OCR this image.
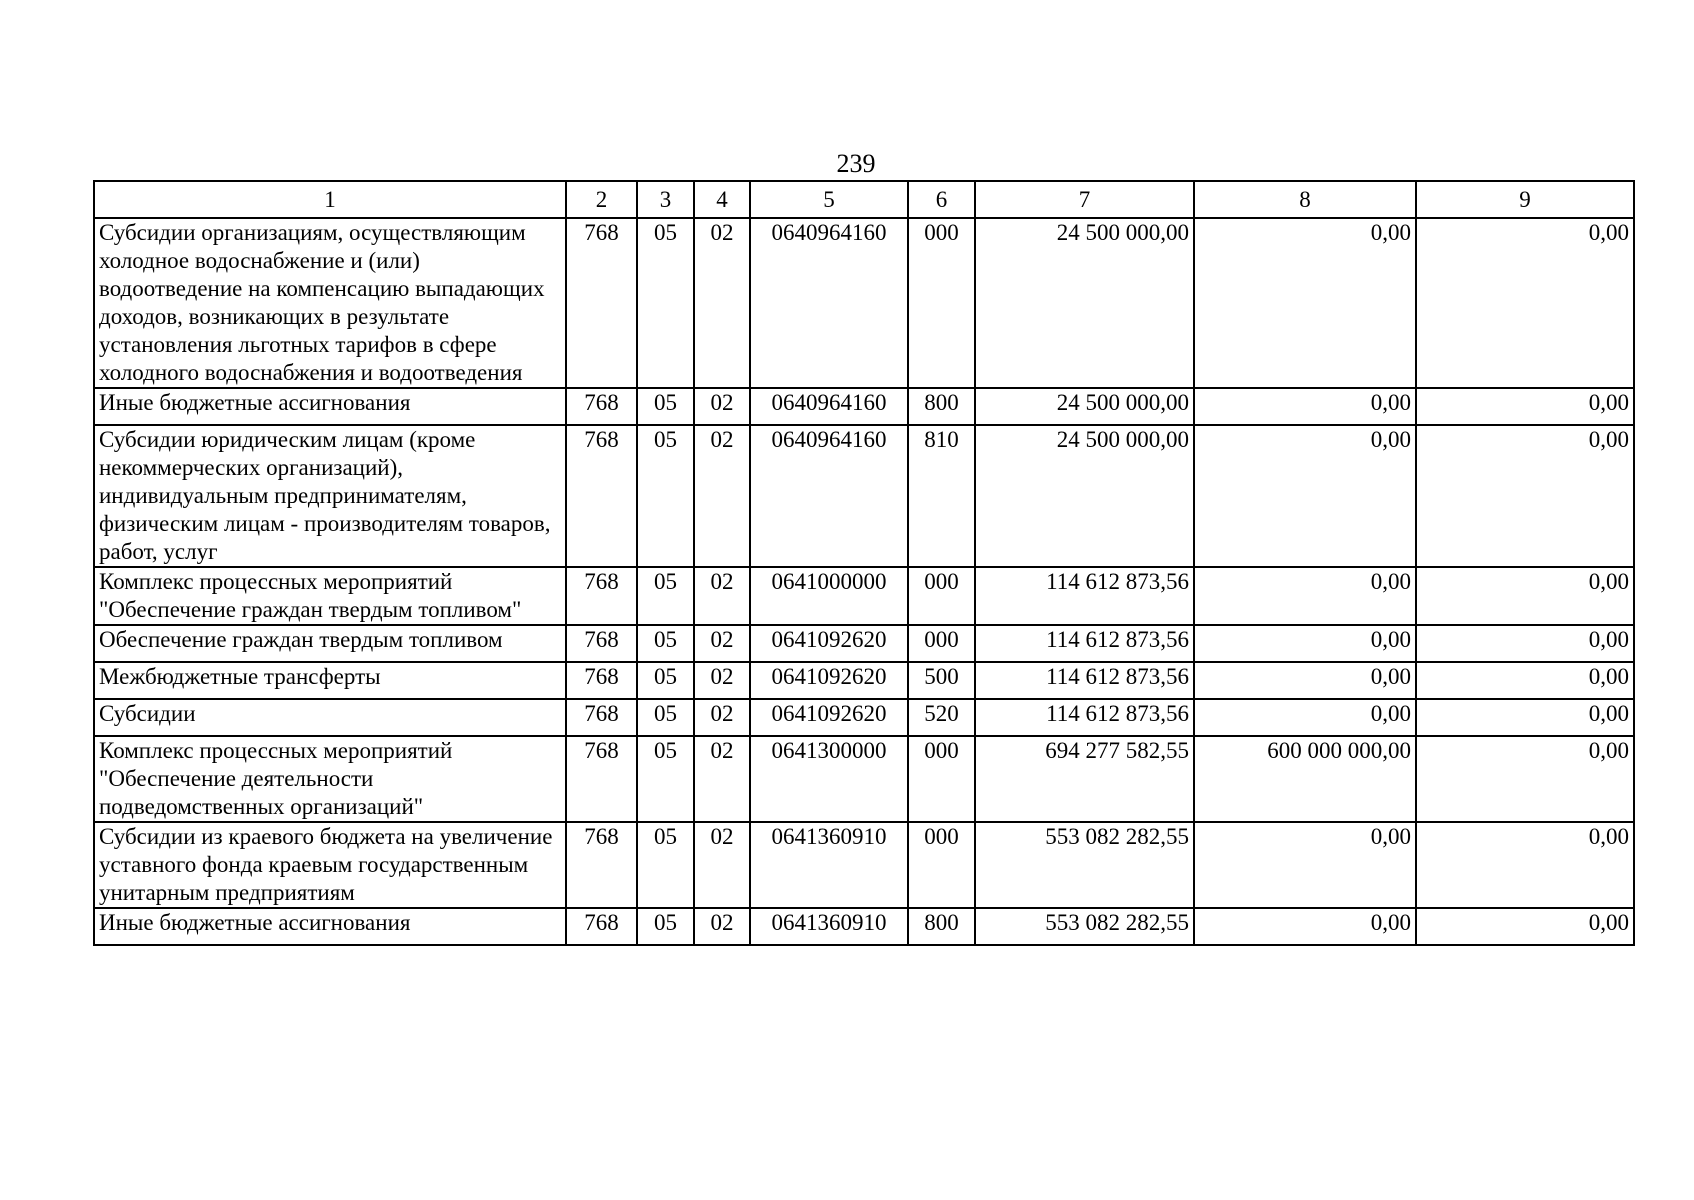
239
1	2	3	4	5	6	7	8	9
Субсидии организациям, осуществляющим холодное водоснабжение и (или) водоотведение на компенсацию выпадающих доходов, возникающих в результате установления льготных тарифов в сфере холодного водоснабжения и водоотведения	768	05	02	0640964160	000	24 500 000,00	0,00	0,00
Иные бюджетные ассигнования	768	05	02	0640964160	800	24 500 000,00	0,00	0,00
Субсидии юридическим лицам (кроме некоммерческих организаций), индивидуальным предпринимателям, физическим лицам - производителям товаров, работ, услуг	768	05	02	0640964160	810	24 500 000,00	0,00	0,00
Комплекс процессных мероприятий "Обеспечение граждан твердым топливом"	768	05	02	0641000000	000	114 612 873,56	0,00	0,00
Обеспечение граждан твердым топливом	768	05	02	0641092620	000	114 612 873,56	0,00	0,00
Межбюджетные трансферты	768	05	02	0641092620	500	114 612 873,56	0,00	0,00
Субсидии	768	05	02	0641092620	520	114 612 873,56	0,00	0,00
Комплекс процессных мероприятий "Обеспечение деятельности подведомственных организаций"	768	05	02	0641300000	000	694 277 582,55	600 000 000,00	0,00
Субсидии из краевого бюджета на увеличение уставного фонда краевым государственным унитарным предприятиям	768	05	02	0641360910	000	553 082 282,55	0,00	0,00
Иные бюджетные ассигнования	768	05	02	0641360910	800	553 082 282,55	0,00	0,00
